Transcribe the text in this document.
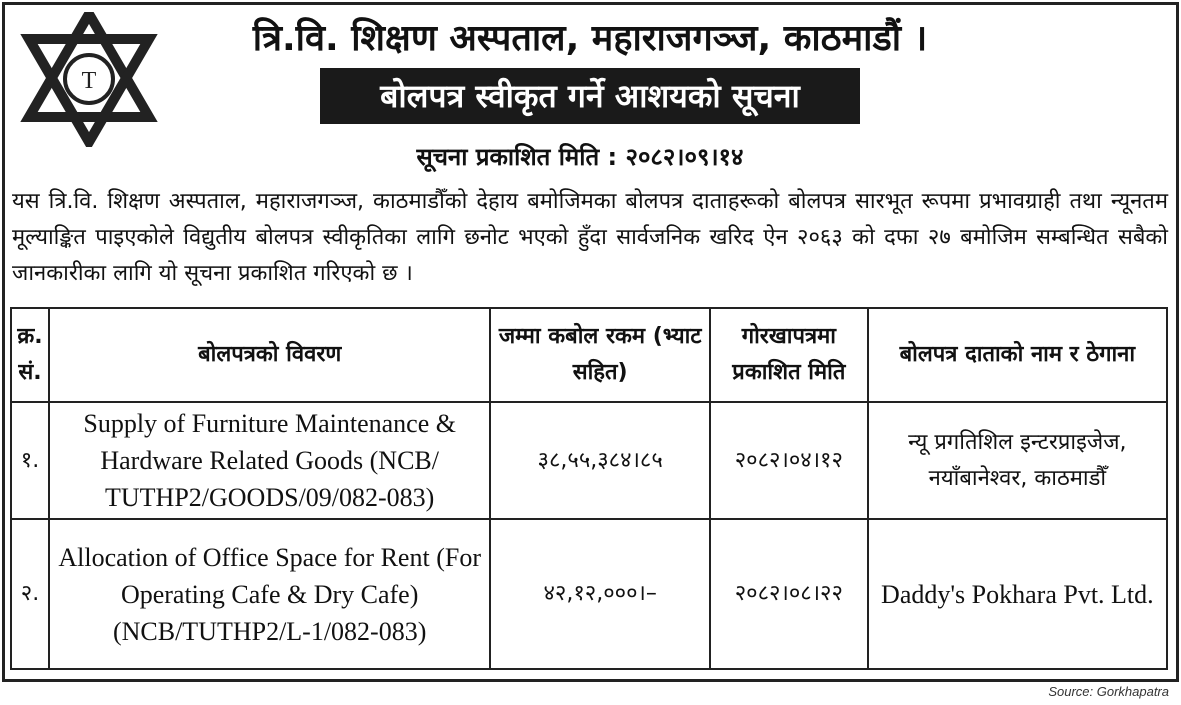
T
त्रि.वि. शिक्षण अस्पताल, महाराजगञ्ज, काठमाडौं ।
बोलपत्र स्वीकृत गर्ने आशयको सूचना
सूचना प्रकाशित मिति : २०८२।०९।१४
यस त्रि.वि. शिक्षण अस्पताल, महाराजगञ्ज, काठमाडौँको देहाय बमोजिमका बोलपत्र दाताहरूको बोलपत्र सारभूत रूपमा प्रभावग्राही तथा न्यूनतम मूल्याङ्कित पाइएकोले विद्युतीय बोलपत्र स्वीकृतिका लागि छनोट भएको हुँदा सार्वजनिक खरिद ऐन २०६३ को दफा २७ बमोजिम सम्बन्धित सबैको जानकारीका लागि यो सूचना प्रकाशित गरिएको छ ।
क्र. सं.	बोलपत्रको विवरण	जम्मा कबोल रकम (भ्याट सहित)	गोरखापत्रमा प्रकाशित मिति	बोलपत्र दाताको नाम र ठेगाना
१.	Supply of Furniture Maintenance & Hardware Related Goods (NCB/ TUTHP2/GOODS/09/082-083)	३८,५५,३८४।८५	२०८२।०४।१२	न्यू प्रगतिशिल इन्टरप्राइजेज, नयाँबानेश्वर, काठमाडौँ
२.	Allocation of Office Space for Rent (For Operating Cafe & Dry Cafe) (NCB/TUTHP2/L-1/082-083)	४२,१२,०००।–	२०८२।०८।२२	Daddy's Pokhara Pvt. Ltd.
Source: Gorkhapatra
